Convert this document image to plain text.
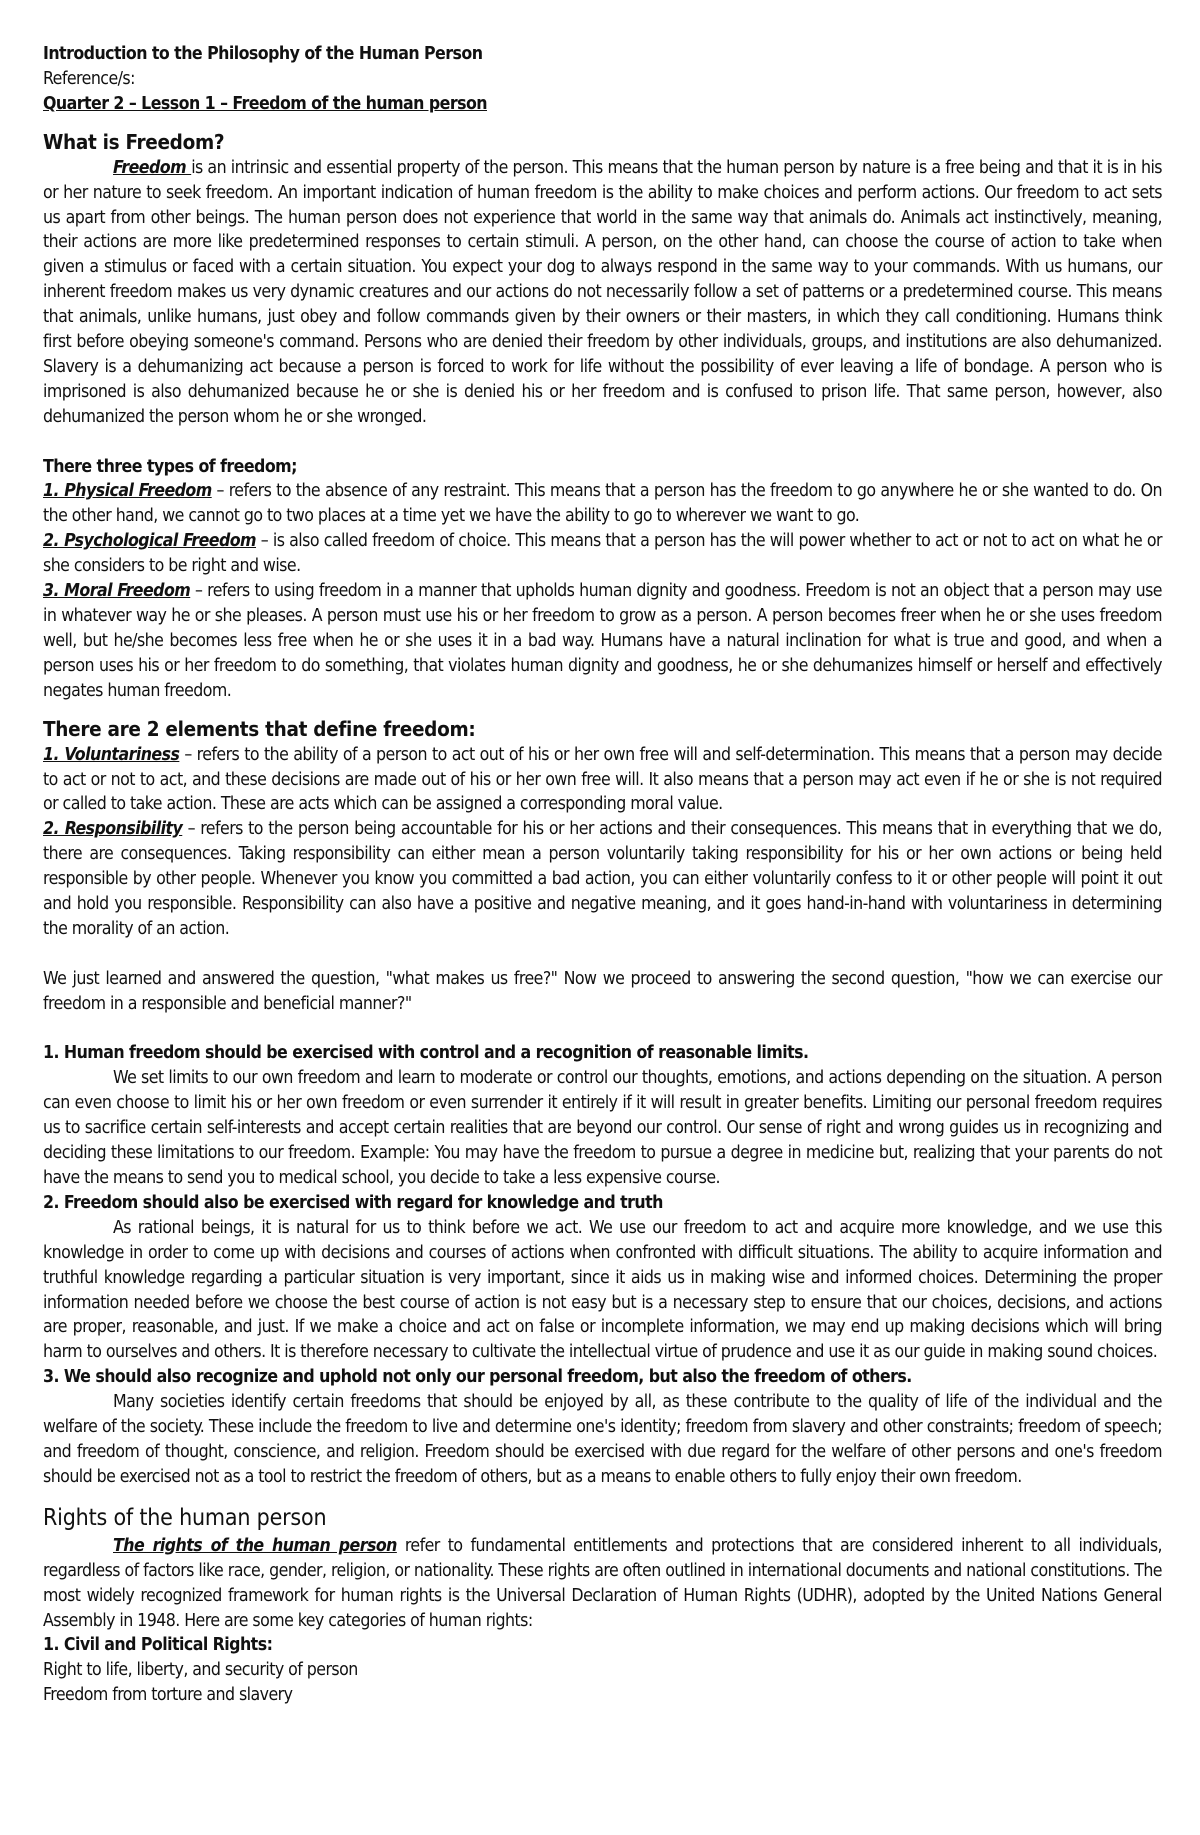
Introduction to the Philosophy of the Human Person

Reference/s:

Quarter 2 – Lesson 1 – Freedom of the human person

What is Freedom?

Freedom is an intrinsic and essential property of the person. This means that the human person by nature is a free being and that it is in his or her nature to seek freedom. An important indication of human freedom is the ability to make choices and perform actions. Our freedom to act sets us apart from other beings. The human person does not experience that world in the same way that animals do. Animals act instinctively, meaning, their actions are more like predetermined responses to certain stimuli. A person, on the other hand, can choose the course of action to take when given a stimulus or faced with a certain situation. You expect your dog to always respond in the same way to your commands. With us humans, our inherent freedom makes us very dynamic creatures and our actions do not necessarily follow a set of patterns or a predetermined course. This means that animals, unlike humans, just obey and follow commands given by their owners or their masters, in which they call conditioning. Humans think first before obeying someone's command. Persons who are denied their freedom by other individuals, groups, and institutions are also dehumanized. Slavery is a dehumanizing act because a person is forced to work for life without the possibility of ever leaving a life of bondage. A person who is imprisoned is also dehumanized because he or she is denied his or her freedom and is confused to prison life. That same person, however, also dehumanized the person whom he or she wronged.

There three types of freedom;

1. Physical Freedom – refers to the absence of any restraint. This means that a person has the freedom to go anywhere he or she wanted to do. On the other hand, we cannot go to two places at a time yet we have the ability to go to wherever we want to go.

2. Psychological Freedom – is also called freedom of choice. This means that a person has the will power whether to act or not to act on what he or she considers to be right and wise.

3. Moral Freedom – refers to using freedom in a manner that upholds human dignity and goodness. Freedom is not an object that a person may use in whatever way he or she pleases. A person must use his or her freedom to grow as a person. A person becomes freer when he or she uses freedom well, but he/she becomes less free when he or she uses it in a bad way. Humans have a natural inclination for what is true and good, and when a person uses his or her freedom to do something, that violates human dignity and goodness, he or she dehumanizes himself or herself and effectively negates human freedom.

There are 2 elements that define freedom:

1. Voluntariness – refers to the ability of a person to act out of his or her own free will and self-determination. This means that a person may decide to act or not to act, and these decisions are made out of his or her own free will. It also means that a person may act even if he or she is not required or called to take action. These are acts which can be assigned a corresponding moral value.

2. Responsibility – refers to the person being accountable for his or her actions and their consequences. This means that in everything that we do, there are consequences. Taking responsibility can either mean a person voluntarily taking responsibility for his or her own actions or being held responsible by other people. Whenever you know you committed a bad action, you can either voluntarily confess to it or other people will point it out and hold you responsible. Responsibility can also have a positive and negative meaning, and it goes hand-in-hand with voluntariness in determining the morality of an action.

We just learned and answered the question, "what makes us free?" Now we proceed to answering the second question, "how we can exercise our freedom in a responsible and beneficial manner?"

1. Human freedom should be exercised with control and a recognition of reasonable limits.

We set limits to our own freedom and learn to moderate or control our thoughts, emotions, and actions depending on the situation. A person can even choose to limit his or her own freedom or even surrender it entirely if it will result in greater benefits. Limiting our personal freedom requires us to sacrifice certain self-interests and accept certain realities that are beyond our control. Our sense of right and wrong guides us in recognizing and deciding these limitations to our freedom. Example: You may have the freedom to pursue a degree in medicine but, realizing that your parents do not have the means to send you to medical school, you decide to take a less expensive course.

2. Freedom should also be exercised with regard for knowledge and truth

As rational beings, it is natural for us to think before we act. We use our freedom to act and acquire more knowledge, and we use this knowledge in order to come up with decisions and courses of actions when confronted with difficult situations. The ability to acquire information and truthful knowledge regarding a particular situation is very important, since it aids us in making wise and informed choices. Determining the proper information needed before we choose the best course of action is not easy but is a necessary step to ensure that our choices, decisions, and actions are proper, reasonable, and just. If we make a choice and act on false or incomplete information, we may end up making decisions which will bring harm to ourselves and others. It is therefore necessary to cultivate the intellectual virtue of prudence and use it as our guide in making sound choices.

3. We should also recognize and uphold not only our personal freedom, but also the freedom of others.

Many societies identify certain freedoms that should be enjoyed by all, as these contribute to the quality of life of the individual and the welfare of the society. These include the freedom to live and determine one's identity; freedom from slavery and other constraints; freedom of speech; and freedom of thought, conscience, and religion. Freedom should be exercised with due regard for the welfare of other persons and one's freedom should be exercised not as a tool to restrict the freedom of others, but as a means to enable others to fully enjoy their own freedom.

Rights of the human person

The rights of the human person refer to fundamental entitlements and protections that are considered inherent to all individuals, regardless of factors like race, gender, religion, or nationality. These rights are often outlined in international documents and national constitutions. The most widely recognized framework for human rights is the Universal Declaration of Human Rights (UDHR), adopted by the United Nations General Assembly in 1948. Here are some key categories of human rights:

1. Civil and Political Rights:

Right to life, liberty, and security of person

Freedom from torture and slavery
